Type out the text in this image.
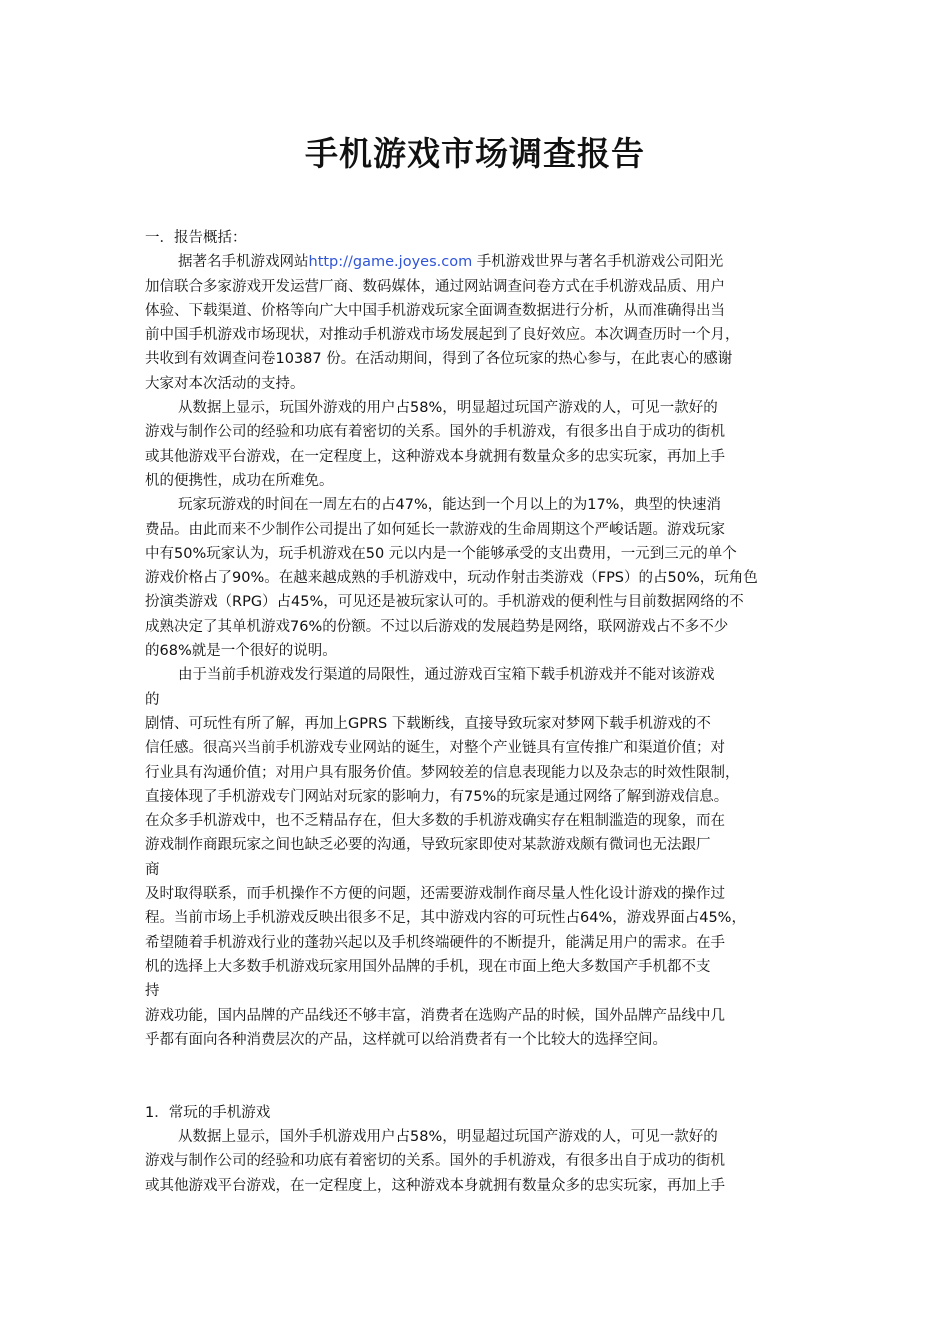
手机游戏市场调查报告
一．报告概括：
据著名手机游戏网站http://game.joyes.com 手机游戏世界与著名手机游戏公司阳光
加信联合多家游戏开发运营厂商、数码媒体，通过网站调查问卷方式在手机游戏品质、用户
体验、下载渠道、价格等向广大中国手机游戏玩家全面调查数据进行分析，从而准确得出当
前中国手机游戏市场现状，对推动手机游戏市场发展起到了良好效应。本次调查历时一个月，
共收到有效调查问卷10387 份。在活动期间，得到了各位玩家的热心参与，在此衷心的感谢
大家对本次活动的支持。
从数据上显示，玩国外游戏的用户占58%，明显超过玩国产游戏的人，可见一款好的
游戏与制作公司的经验和功底有着密切的关系。国外的手机游戏，有很多出自于成功的街机
或其他游戏平台游戏，在一定程度上，这种游戏本身就拥有数量众多的忠实玩家，再加上手
机的便携性，成功在所难免。
玩家玩游戏的时间在一周左右的占47%，能达到一个月以上的为17%，典型的快速消
费品。由此而来不少制作公司提出了如何延长一款游戏的生命周期这个严峻话题。游戏玩家
中有50%玩家认为，玩手机游戏在50 元以内是一个能够承受的支出费用，一元到三元的单个
游戏价格占了90%。在越来越成熟的手机游戏中，玩动作射击类游戏（FPS）的占50%，玩角色
扮演类游戏（RPG）占45%，可见还是被玩家认可的。手机游戏的便利性与目前数据网络的不
成熟决定了其单机游戏76%的份额。不过以后游戏的发展趋势是网络，联网游戏占不多不少
的68%就是一个很好的说明。
由于当前手机游戏发行渠道的局限性，通过游戏百宝箱下载手机游戏并不能对该游戏
的
剧情、可玩性有所了解，再加上GPRS 下载断线，直接导致玩家对梦网下载手机游戏的不
信任感。很高兴当前手机游戏专业网站的诞生，对整个产业链具有宣传推广和渠道价值；对
行业具有沟通价值；对用户具有服务价值。梦网较差的信息表现能力以及杂志的时效性限制，
直接体现了手机游戏专门网站对玩家的影响力，有75%的玩家是通过网络了解到游戏信息。
在众多手机游戏中，也不乏精品存在，但大多数的手机游戏确实存在粗制滥造的现象，而在
游戏制作商跟玩家之间也缺乏必要的沟通，导致玩家即使对某款游戏颇有微词也无法跟厂
商
及时取得联系，而手机操作不方便的问题，还需要游戏制作商尽量人性化设计游戏的操作过
程。当前市场上手机游戏反映出很多不足，其中游戏内容的可玩性占64%，游戏界面占45%，
希望随着手机游戏行业的蓬勃兴起以及手机终端硬件的不断提升，能满足用户的需求。在手
机的选择上大多数手机游戏玩家用国外品牌的手机，现在市面上绝大多数国产手机都不支
持
游戏功能，国内品牌的产品线还不够丰富，消费者在选购产品的时候，国外品牌产品线中几
乎都有面向各种消费层次的产品，这样就可以给消费者有一个比较大的选择空间。
1．常玩的手机游戏
从数据上显示，国外手机游戏用户占58%，明显超过玩国产游戏的人，可见一款好的
游戏与制作公司的经验和功底有着密切的关系。国外的手机游戏，有很多出自于成功的街机
或其他游戏平台游戏，在一定程度上，这种游戏本身就拥有数量众多的忠实玩家，再加上手
